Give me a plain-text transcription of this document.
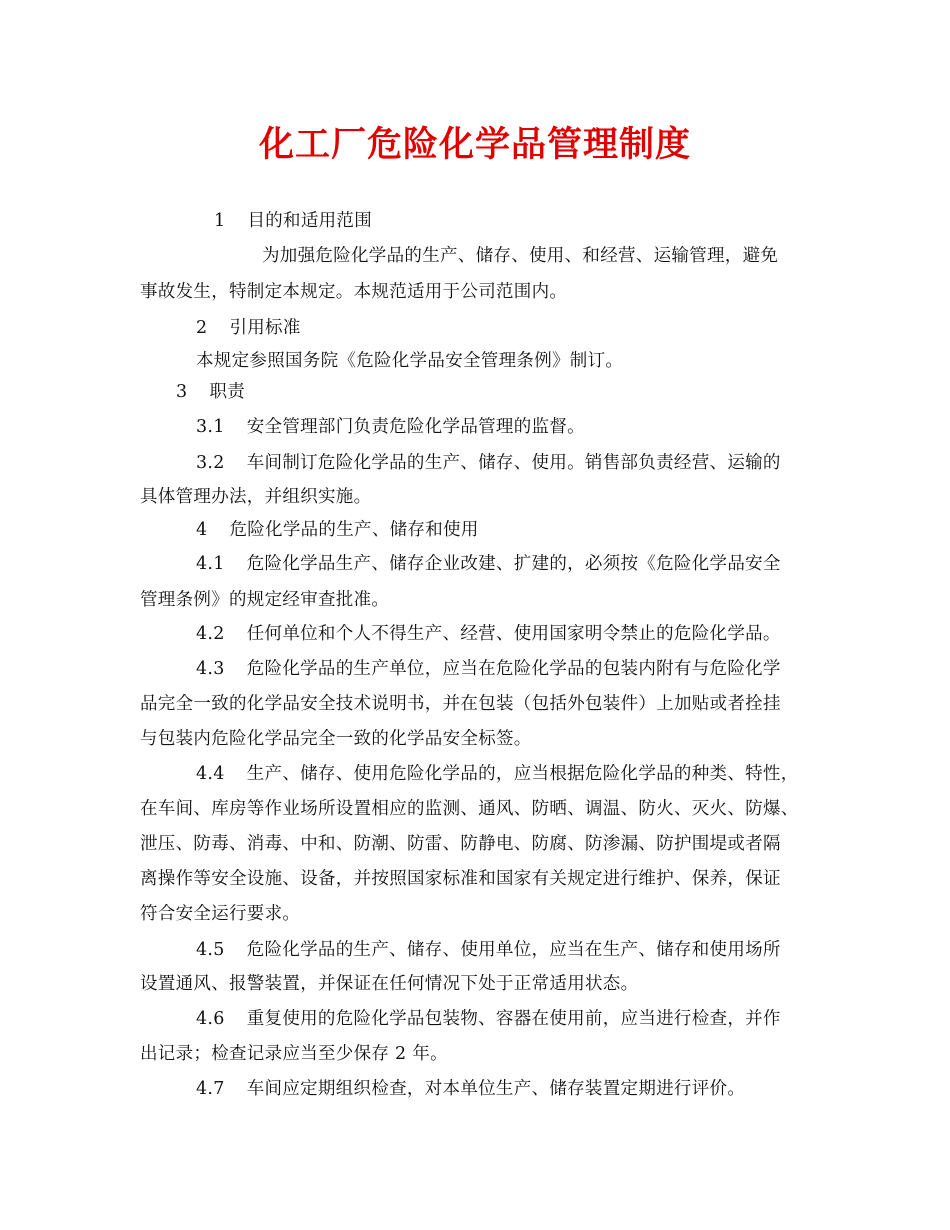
化工厂危险化学品管理制度
1 目的和适用范围
为加强危险化学品的生产、储存、使用、和经营、运输管理，避免
事故发生，特制定本规定。本规范适用于公司范围内。
2 引用标准
本规定参照国务院《危险化学品安全管理条例》制订。
3 职责
3.1 安全管理部门负责危险化学品管理的监督。
3.2 车间制订危险化学品的生产、储存、使用。销售部负责经营、运输的
具体管理办法，并组织实施。
4 危险化学品的生产、储存和使用
4.1 危险化学品生产、储存企业改建、扩建的，必须按《危险化学品安全
管理条例》的规定经审查批准。
4.2 任何单位和个人不得生产、经营、使用国家明令禁止的危险化学品。
4.3 危险化学品的生产单位，应当在危险化学品的包装内附有与危险化学
品完全一致的化学品安全技术说明书，并在包装（包括外包装件）上加贴或者拴挂
与包装内危险化学品完全一致的化学品安全标签。
4.4 生产、储存、使用危险化学品的，应当根据危险化学品的种类、特性，
在车间、库房等作业场所设置相应的监测、通风、防晒、调温、防火、灭火、防爆、
泄压、防毒、消毒、中和、防潮、防雷、防静电、防腐、防渗漏、防护围堤或者隔
离操作等安全设施、设备，并按照国家标准和国家有关规定进行维护、保养，保证
符合安全运行要求。
4.5 危险化学品的生产、储存、使用单位，应当在生产、储存和使用场所
设置通风、报警装置，并保证在任何情况下处于正常适用状态。
4.6 重复使用的危险化学品包装物、容器在使用前，应当进行检查，并作
出记录；检查记录应当至少保存 2 年。
4.7 车间应定期组织检查，对本单位生产、储存装置定期进行评价。
